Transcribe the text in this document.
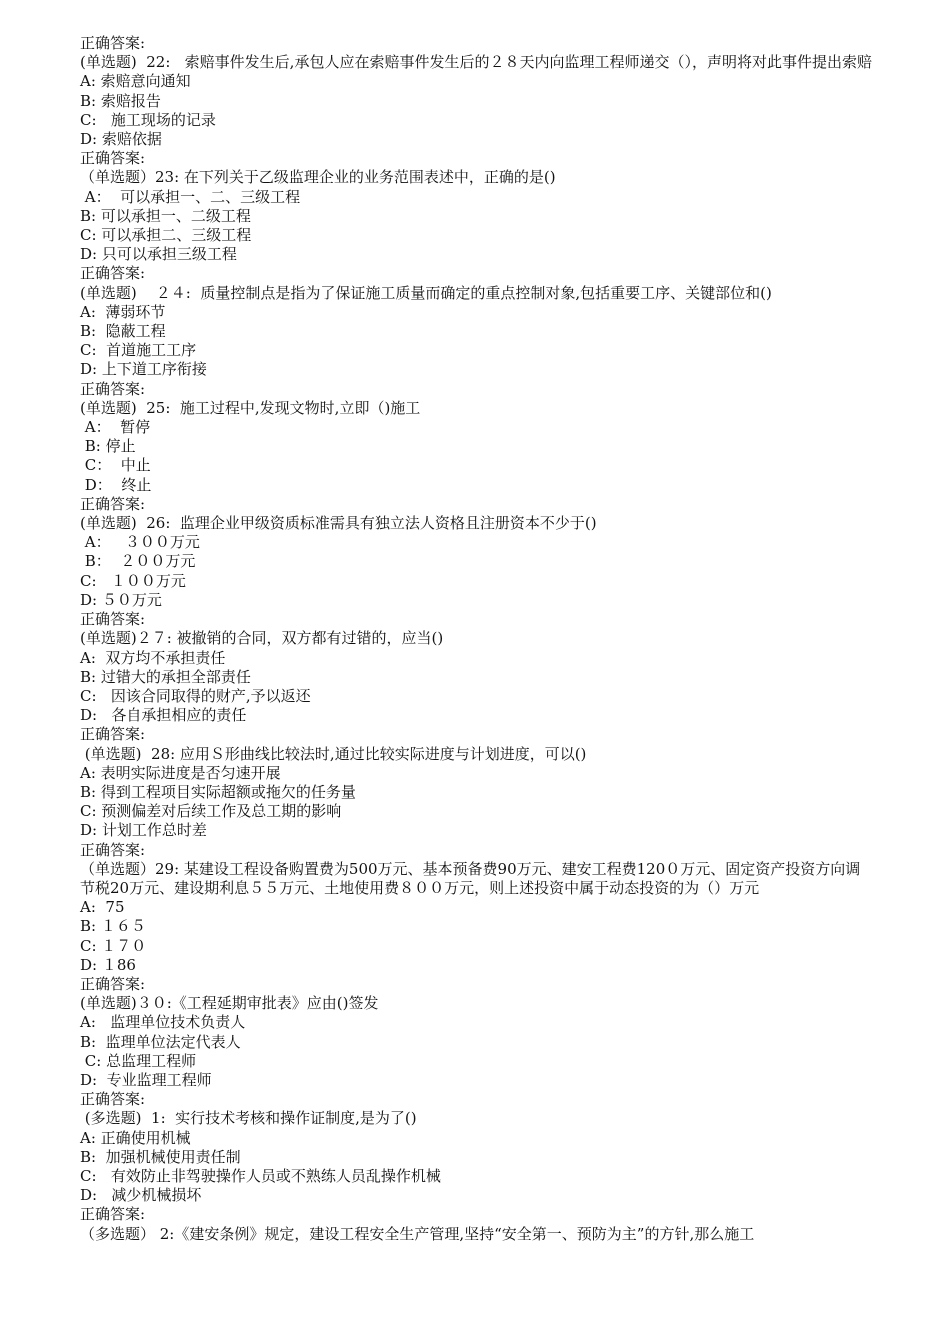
正确答案:
(单选题)  22:   索赔事件发生后,承包人应在索赔事件发生后的２８天内向监理工程师递交（），声明将对此事件提出索赔
A: 索赔意向通知
B: 索赔报告
C:   施工现场的记录
D: 索赔依据
正确答案:
（单选题）23: 在下列关于乙级监理企业的业务范围表述中，正确的是()
A：  可以承担一、二、三级工程
B: 可以承担一、二级工程
C: 可以承担二、三级工程
D: 只可以承担三级工程
正确答案:
(单选题)    ２４:  质量控制点是指为了保证施工质量而确定的重点控制对象,包括重要工序、关键部位和()
A:  薄弱环节
B:  隐蔽工程
C:  首道施工工序
D: 上下道工序衔接
正确答案:
(单选题)  25:  施工过程中,发现文物时,立即（)施工
A：  暂停
B: 停止
C：  中止
D：  终止
正确答案:
(单选题)  26:  监理企业甲级资质标准需具有独立法人资格且注册资本不少于()
A：   ３００万元
B：  ２００万元
C:   １００万元
D: ５０万元
正确答案:
(单选题)２７: 被撤销的合同，双方都有过错的，应当()
A:  双方均不承担责任
B: 过错大的承担全部责任
C:   因该合同取得的财产,予以返还
D:   各自承担相应的责任
正确答案:
(单选题)  28: 应用Ｓ形曲线比较法时,通过比较实际进度与计划进度，可以()
A: 表明实际进度是否匀速开展
B: 得到工程项目实际超额或拖欠的任务量
C: 预测偏差对后续工作及总工期的影响
D: 计划工作总时差
正确答案:
（单选题）29: 某建设工程设备购置费为500万元、基本预备费90万元、建安工程费120０万元、固定资产投资方向调节税20万元、建设期利息５５万元、土地使用费８００万元，则上述投资中属于动态投资的为（）万元
A:  75
B: １６５
C: １７０
D: １86
正确答案:
(单选题)３０:《工程延期审批表》应由()签发
A:   监理单位技术负责人
B:  监理单位法定代表人
C: 总监理工程师
D:  专业监理工程师
正确答案:
(多选题)  1:  实行技术考核和操作证制度,是为了()
A: 正确使用机械
B:  加强机械使用责任制
C:   有效防止非驾驶操作人员或不熟练人员乱操作机械
D:   减少机械损坏
正确答案:
（多选题） 2:《建安条例》规定，建设工程安全生产管理,坚持“安全第一、预防为主”的方针,那么施工
